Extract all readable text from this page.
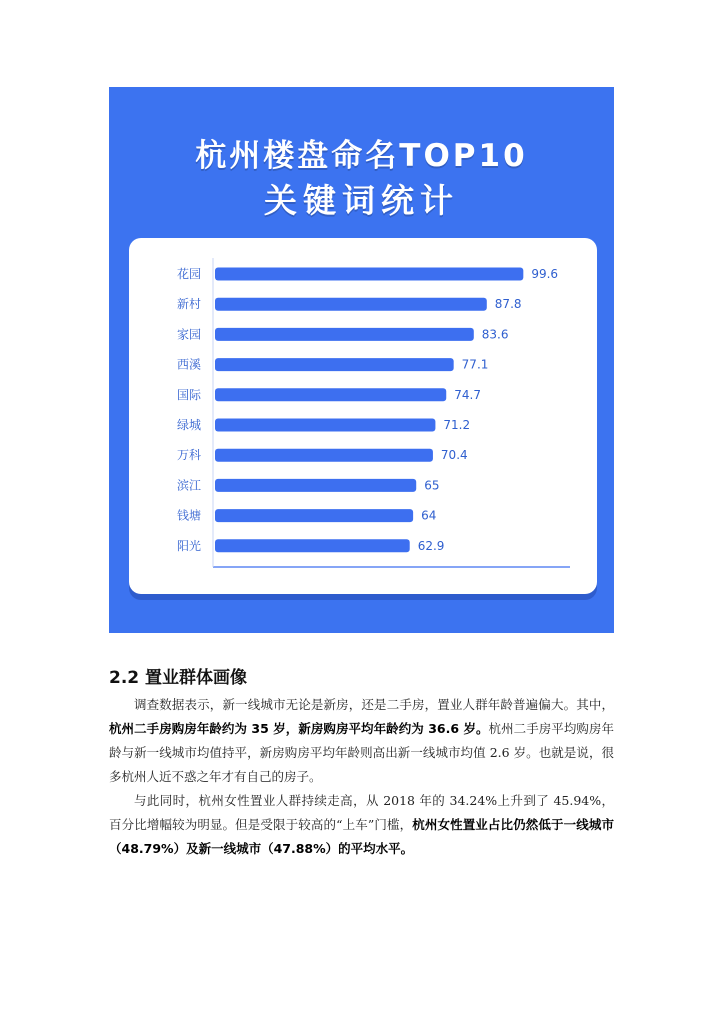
杭州楼盘命名TOP10
关键词统计
花园	99.6
新村	87.8
家园	83.6
西溪	77.1
国际	74.7
绿城	71.2
万科	70.4
滨江	65
钱塘	64
阳光	62.9
2.2 置业群体画像

调查数据表示，新一线城市无论是新房，还是二手房，置业人群年龄普遍偏大。其中，杭州二手房购房年龄约为 35 岁，新房购房平均年龄约为 36.6 岁。杭州二手房平均购房年龄与新一线城市均值持平，新房购房平均年龄则高出新一线城市均值 2.6 岁。也就是说，很多杭州人近不惑之年才有自己的房子。

与此同时，杭州女性置业人群持续走高，从 2018 年的 34.24%上升到了 45.94%，百分比增幅较为明显。但是受限于较高的“上车”门槛，杭州女性置业占比仍然低于一线城市（48.79%）及新一线城市（47.88%）的平均水平。
